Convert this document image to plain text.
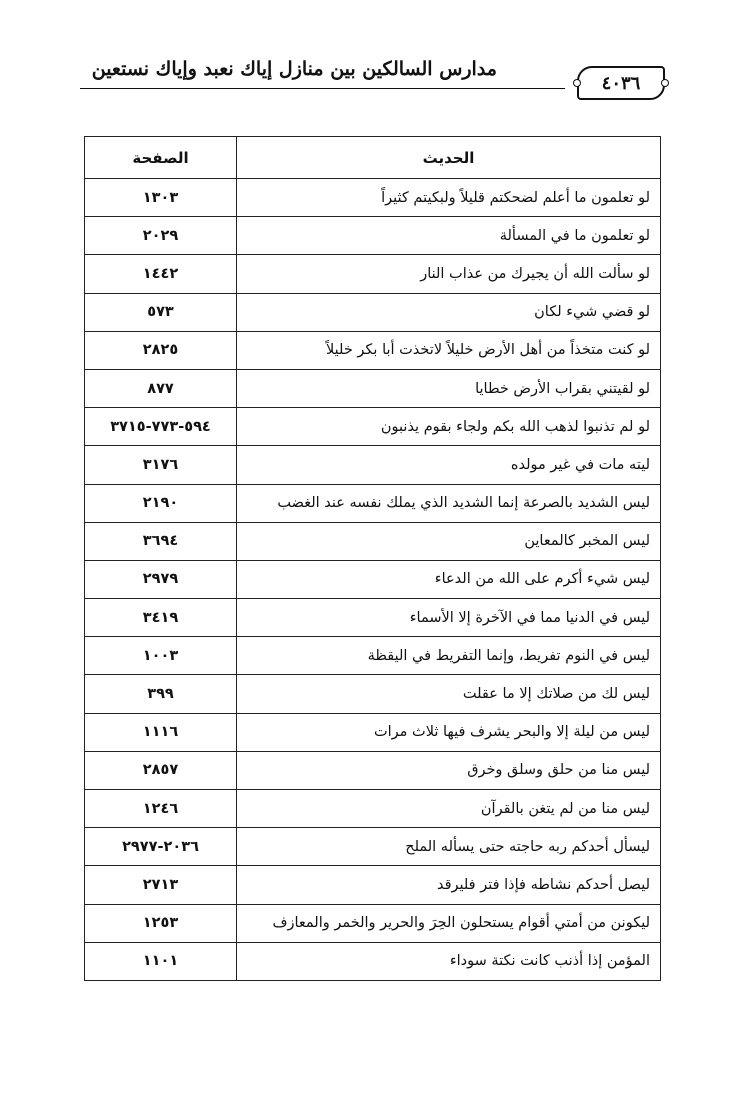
مدارس السالكين بين منازل إياك نعبد وإياك نستعين
٤٠٣٦
الحديث	الصفحة
لو تعلمون ما أعلم لضحكتم قليلاً ولبكيتم كثيراً	١٣٠٣
لو تعلمون ما في المسألة	٢٠٢٩
لو سألت الله أن يجيرك من عذاب النار	١٤٤٢
لو قضي شيء لكان	٥٧٣
لو كنت متخذاً من أهل الأرض خليلاً لاتخذت أبا بكر خليلاً	٢٨٢٥
لو لقيتني بقراب الأرض خطايا	٨٧٧
لو لم تذنبوا لذهب الله بكم ولجاء بقوم يذنبون	٥٩٤-٧٧٣-٣٧١٥
ليته مات في غير مولده	٣١٧٦
ليس الشديد بالصرعة إنما الشديد الذي يملك نفسه عند الغضب	٢١٩٠
ليس المخبر كالمعاين	٣٦٩٤
ليس شيء أكرم على الله من الدعاء	٢٩٧٩
ليس في الدنيا مما في الآخرة إلا الأسماء	٣٤١٩
ليس في النوم تفريط، وإنما التفريط في اليقظة	١٠٠٣
ليس لك من صلاتك إلا ما عقلت	٣٩٩
ليس من ليلة إلا والبحر يشرف فيها ثلاث مرات	١١١٦
ليس منا من حلق وسلق وخرق	٢٨٥٧
ليس منا من لم يتغن بالقرآن	١٢٤٦
ليسأل أحدكم ربه حاجته حتى يسأله الملح	٢٠٣٦-٢٩٧٧
ليصل أحدكم نشاطه فإذا فتر فليرقد	٢٧١٣
ليكونن من أمتي أقوام يستحلون الحِرَ والحرير والخمر والمعازف	١٢٥٣
المؤمن إذا أذنب كانت نكتة سوداء	١١٠١
